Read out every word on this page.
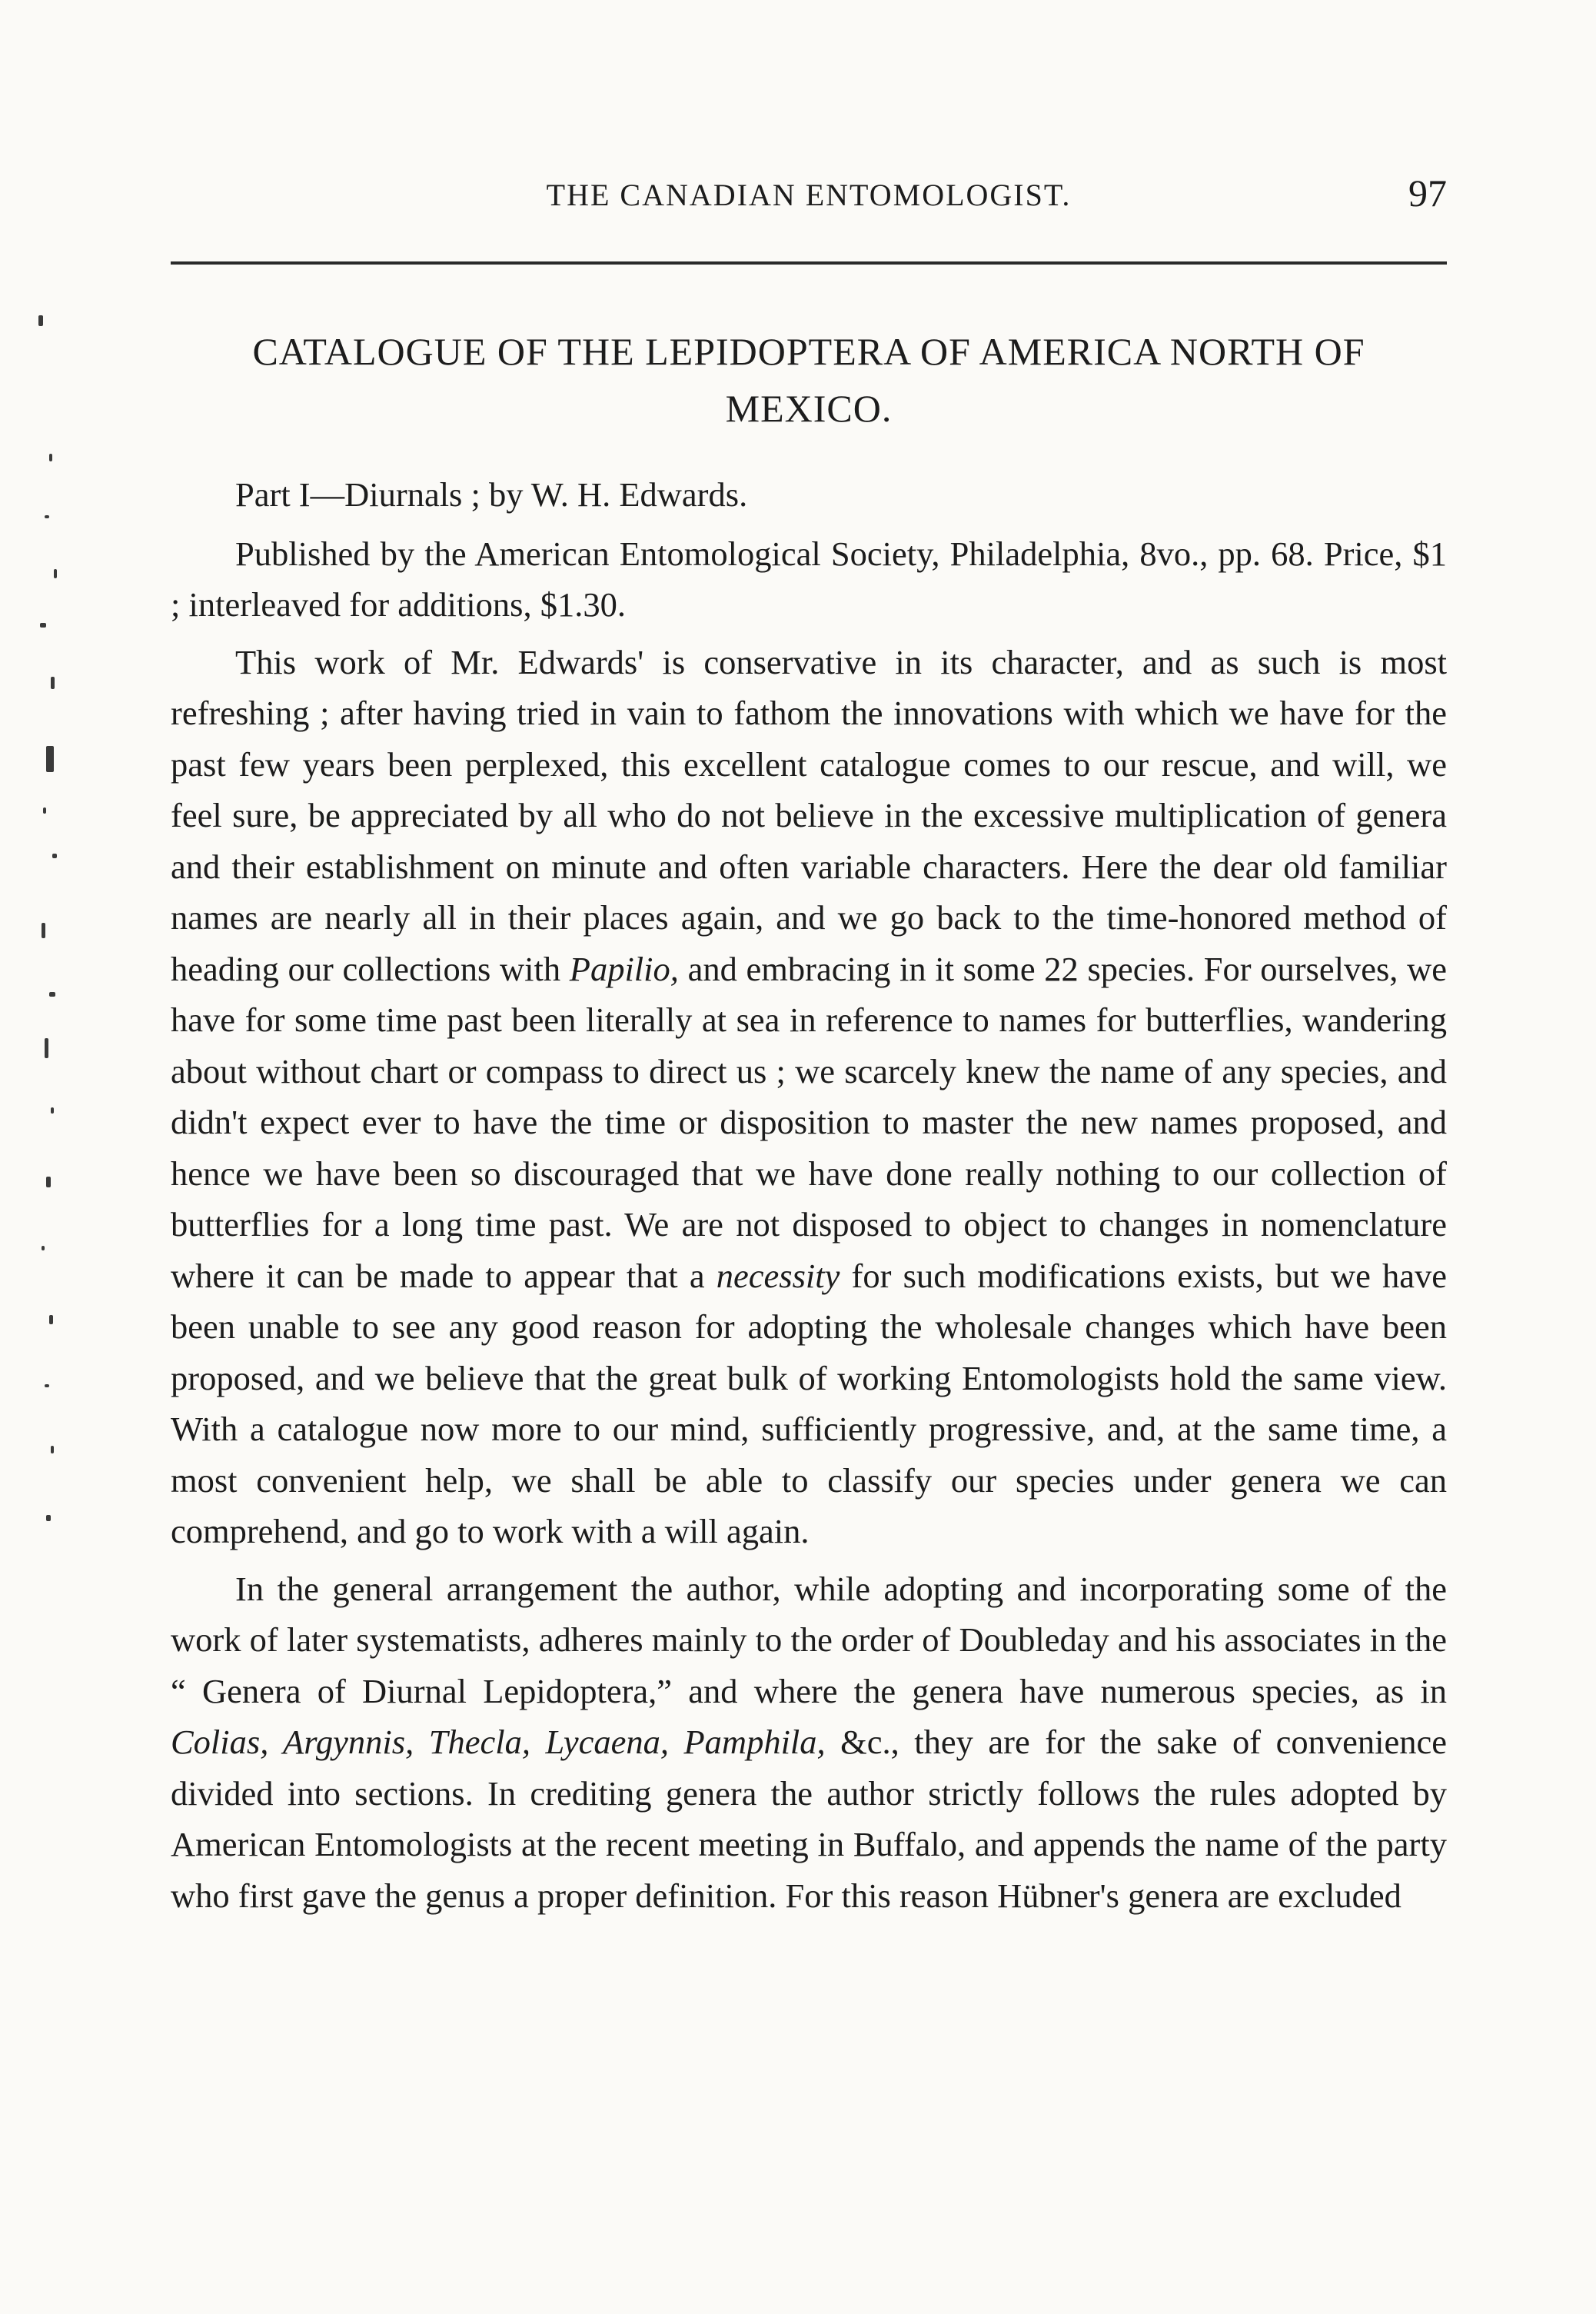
THE CANADIAN ENTOMOLOGIST.	97
CATALOGUE OF THE LEPIDOPTERA OF AMERICA NORTH OF MEXICO.

Part I—Diurnals ; by W. H. Edwards.

Published by the American Entomological Society, Philadelphia, 8vo., pp. 68. Price, $1 ; interleaved for additions, $1.30.

This work of Mr. Edwards' is conservative in its character, and as such is most refreshing ; after having tried in vain to fathom the innovations with which we have for the past few years been perplexed, this excellent catalogue comes to our rescue, and will, we feel sure, be appreciated by all who do not believe in the excessive multiplication of genera and their establishment on minute and often variable characters. Here the dear old familiar names are nearly all in their places again, and we go back to the time-honored method of heading our collections with Papilio, and embracing in it some 22 species. For ourselves, we have for some time past been literally at sea in reference to names for butterflies, wandering about without chart or compass to direct us ; we scarcely knew the name of any species, and didn't expect ever to have the time or disposition to master the new names proposed, and hence we have been so discouraged that we have done really nothing to our collection of butterflies for a long time past. We are not disposed to object to changes in nomenclature where it can be made to appear that a necessity for such modifications exists, but we have been unable to see any good reason for adopting the wholesale changes which have been proposed, and we believe that the great bulk of working Entomologists hold the same view. With a catalogue now more to our mind, sufficiently progressive, and, at the same time, a most convenient help, we shall be able to classify our species under genera we can comprehend, and go to work with a will again.

In the general arrangement the author, while adopting and incorporating some of the work of later systematists, adheres mainly to the order of Doubleday and his associates in the “ Genera of Diurnal Lepidoptera,” and where the genera have numerous species, as in Colias, Argynnis, Thecla, Lycaena, Pamphila, &c., they are for the sake of convenience divided into sections. In crediting genera the author strictly follows the rules adopted by American Entomologists at the recent meeting in Buffalo, and appends the name of the party who first gave the genus a proper definition. For this reason Hübner's genera are excluded
